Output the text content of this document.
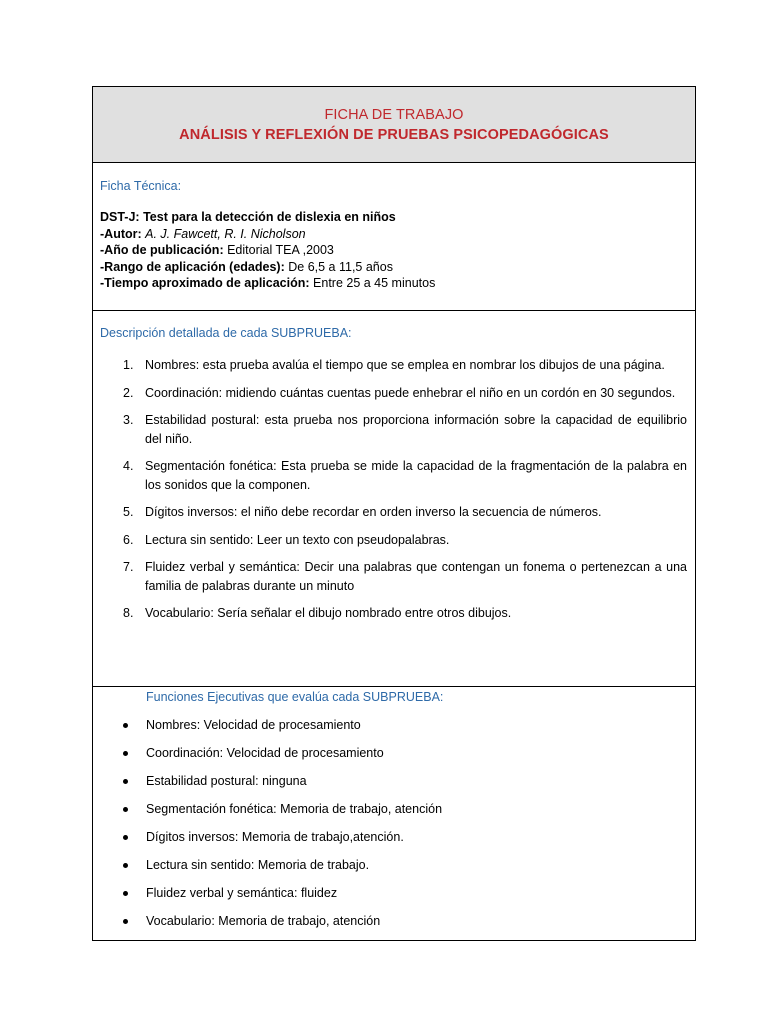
FICHA DE TRABAJO
ANÁLISIS Y REFLEXIÓN DE PRUEBAS PSICOPEDAGÓGICAS
Ficha Técnica:
DST-J: Test para la detección de dislexia en niños
-Autor: A. J. Fawcett, R. I. Nicholson
-Año de publicación: Editorial TEA ,2003
-Rango de aplicación (edades): De 6,5 a 11,5 años
-Tiempo aproximado de aplicación: Entre 25 a 45 minutos
Descripción detallada de cada SUBPRUEBA:
1. Nombres: esta prueba avalúa el tiempo que se emplea en nombrar los dibujos de una página.
2. Coordinación: midiendo cuántas cuentas puede enhebrar el niño en un cordón en 30 segundos.
3. Estabilidad postural: esta prueba nos proporciona información sobre la capacidad de equilibrio del niño.
4. Segmentación fonética: Esta prueba se mide la capacidad de la fragmentación de la palabra en los sonidos que la componen.
5. Dígitos inversos: el niño debe recordar en orden inverso la secuencia de números.
6. Lectura sin sentido: Leer un texto con pseudopalabras.
7. Fluidez verbal y semántica: Decir una palabras que contengan un fonema o pertenezcan a una familia de palabras durante un minuto
8. Vocabulario: Sería señalar el dibujo nombrado entre otros dibujos.
Funciones Ejecutivas que evalúa cada SUBPRUEBA:
Nombres: Velocidad de procesamiento
Coordinación: Velocidad de procesamiento
Estabilidad postural: ninguna
Segmentación fonética: Memoria de trabajo, atención
Dígitos inversos: Memoria de trabajo,atención.
Lectura sin sentido: Memoria de trabajo.
Fluidez verbal y semántica: fluidez
Vocabulario: Memoria de trabajo, atención
